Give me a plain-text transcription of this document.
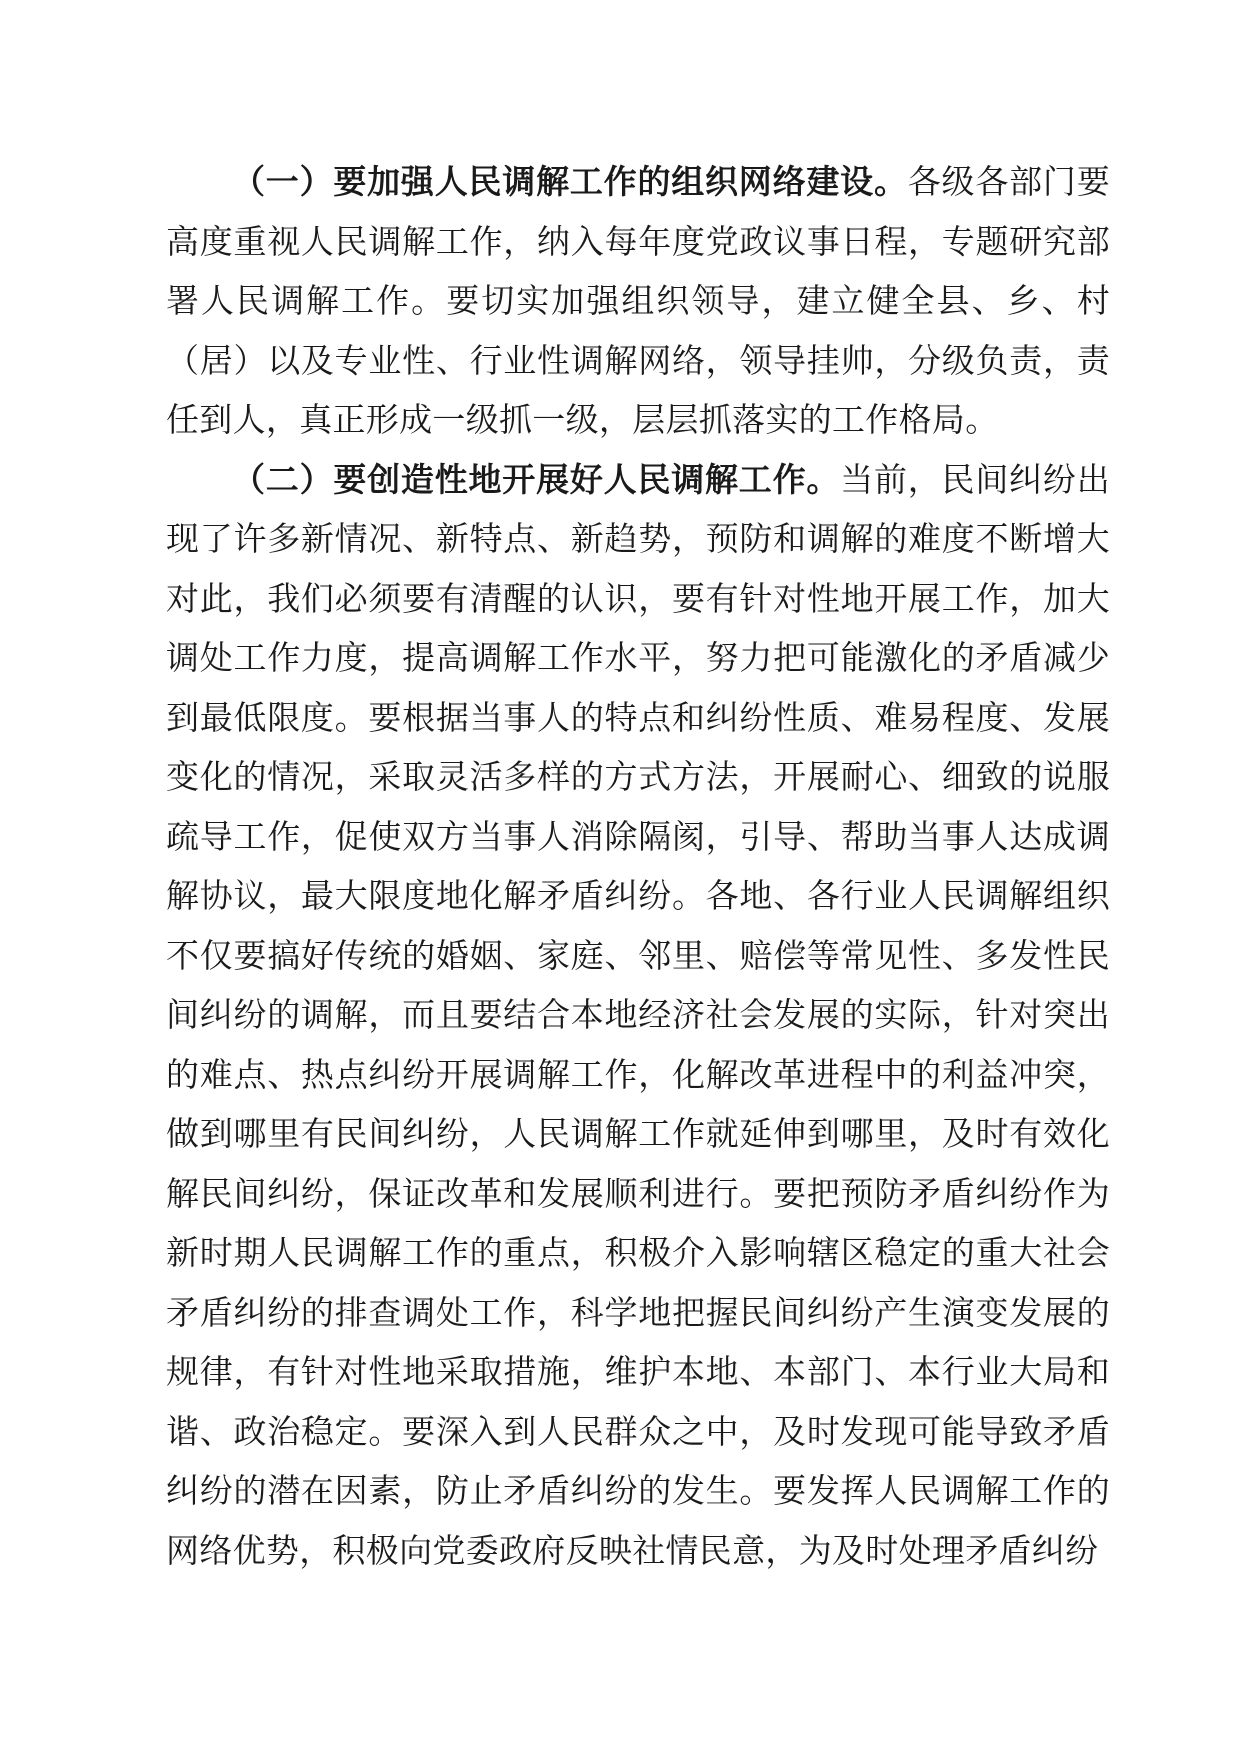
（一）要加强人民调解工作的组织网络建设。各级各部门要高度重视人民调解工作，纳入每年度党政议事日程，专题研究部署人民调解工作。要切实加强组织领导，建立健全县、乡、村（居）以及专业性、行业性调解网络，领导挂帅，分级负责，责任到人，真正形成一级抓一级，层层抓落实的工作格局。

（二）要创造性地开展好人民调解工作。当前，民间纠纷出现了许多新情况、新特点、新趋势，预防和调解的难度不断增大对此，我们必须要有清醒的认识，要有针对性地开展工作，加大调处工作力度，提高调解工作水平，努力把可能激化的矛盾减少到最低限度。要根据当事人的特点和纠纷性质、难易程度、发展变化的情况，采取灵活多样的方式方法，开展耐心、细致的说服疏导工作，促使双方当事人消除隔阂，引导、帮助当事人达成调解协议，最大限度地化解矛盾纠纷。各地、各行业人民调解组织不仅要搞好传统的婚姻、家庭、邻里、赔偿等常见性、多发性民间纠纷的调解，而且要结合本地经济社会发展的实际，针对突出的难点、热点纠纷开展调解工作，化解改革进程中的利益冲突，做到哪里有民间纠纷，人民调解工作就延伸到哪里，及时有效化解民间纠纷，保证改革和发展顺利进行。要把预防矛盾纠纷作为新时期人民调解工作的重点，积极介入影响辖区稳定的重大社会矛盾纠纷的排查调处工作，科学地把握民间纠纷产生演变发展的规律，有针对性地采取措施，维护本地、本部门、本行业大局和谐、政治稳定。要深入到人民群众之中，及时发现可能导致矛盾纠纷的潜在因素，防止矛盾纠纷的发生。要发挥人民调解工作的网络优势，积极向党委政府反映社情民意，为及时处理矛盾纠纷
